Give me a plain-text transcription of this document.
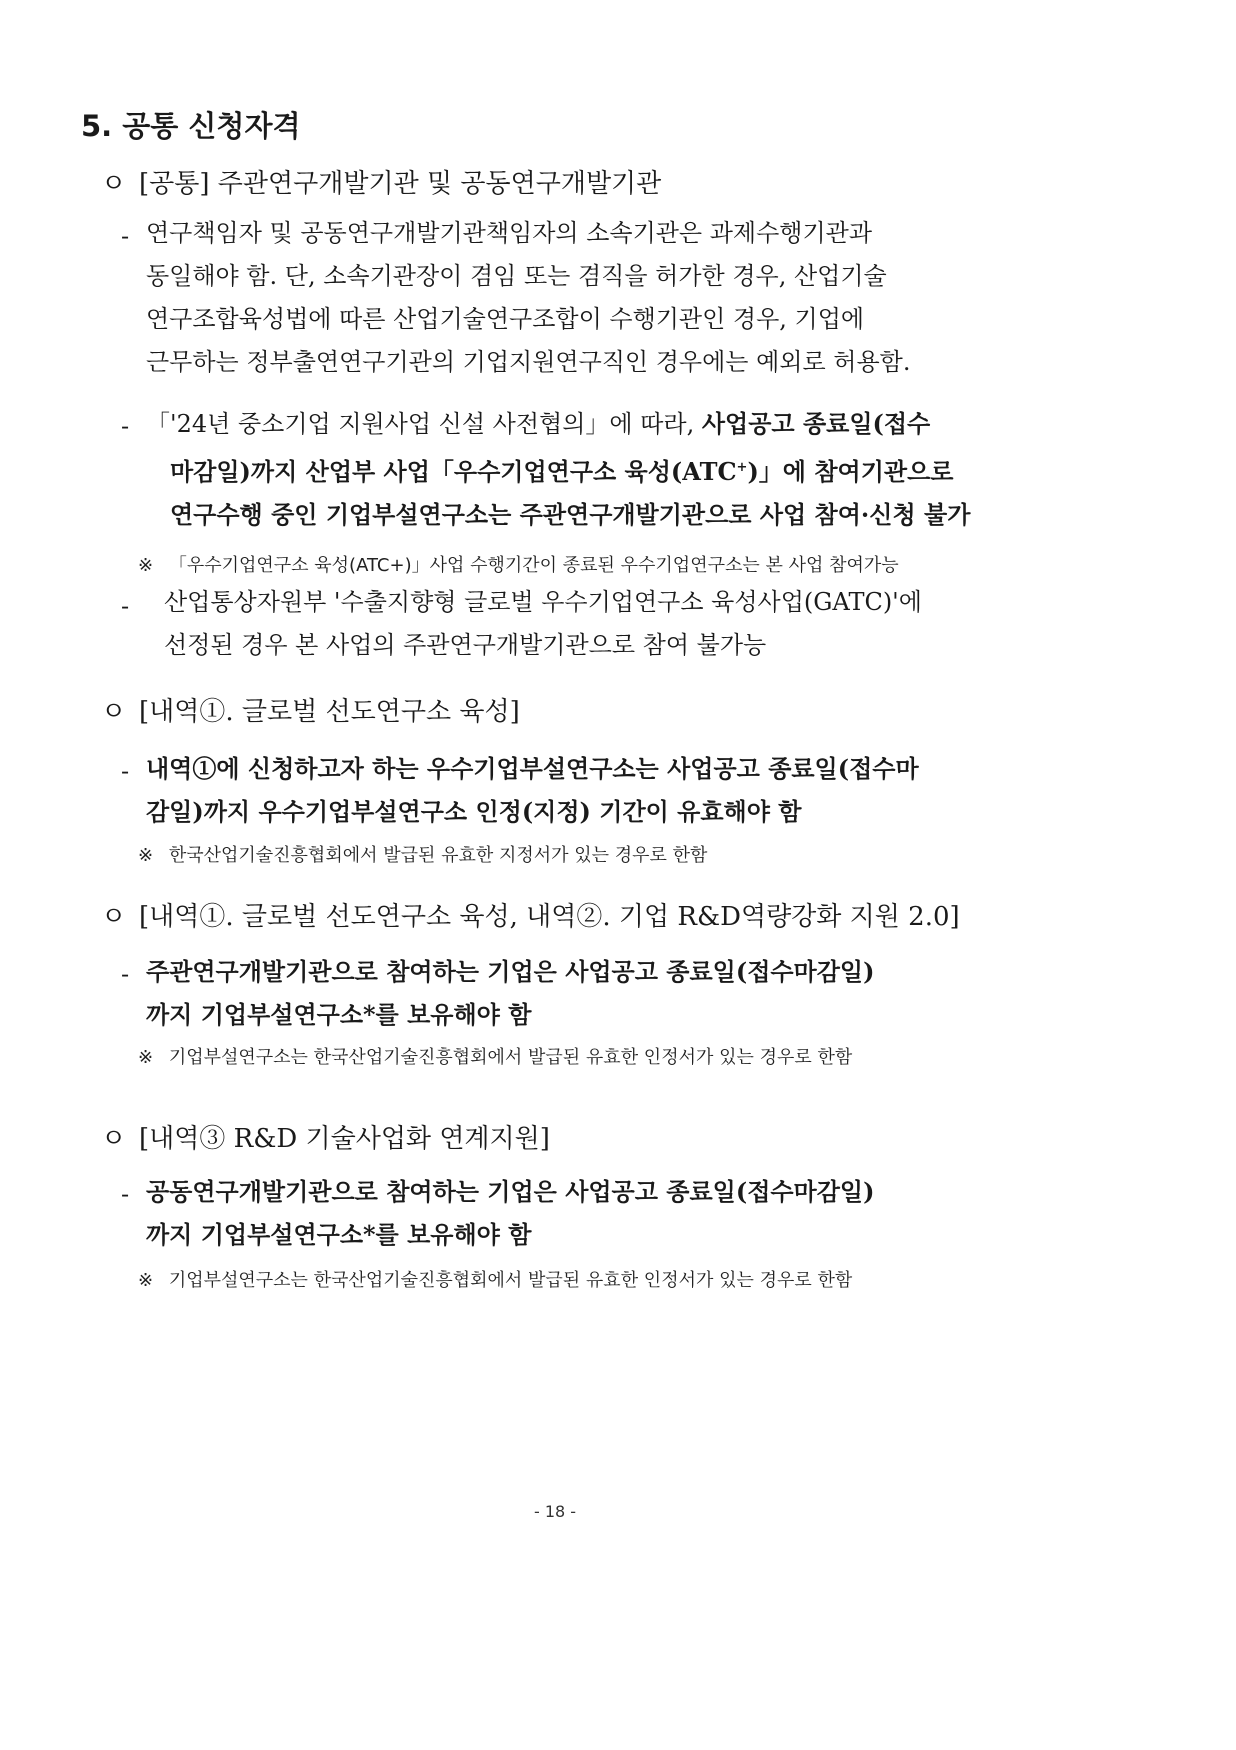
5. 공통 신청자격
ㅇ [공통] 주관연구개발기관 및 공동연구개발기관
- 연구책임자 및 공동연구개발기관책임자의 소속기관은 과제수행기관과
동일해야 함. 단, 소속기관장이 겸임 또는 겸직을 허가한 경우, 산업기술
연구조합육성법에 따른 산업기술연구조합이 수행기관인 경우, 기업에
근무하는 정부출연연구기관의 기업지원연구직인 경우에는 예외로 허용함.
- 「'24년 중소기업 지원사업 신설 사전협의」에 따라, 사업공고 종료일(접수
마감일)까지 산업부 사업「우수기업연구소 육성(ATC+)」에 참여기관으로
연구수행 중인 기업부설연구소는 주관연구개발기관으로 사업 참여·신청 불가
※ 「우수기업연구소 육성(ATC+)」사업 수행기간이 종료된 우수기업연구소는 본 사업 참여가능
- 산업통상자원부 '수출지향형 글로벌 우수기업연구소 육성사업(GATC)'에
선정된 경우 본 사업의 주관연구개발기관으로 참여 불가능
ㅇ [내역①. 글로벌 선도연구소 육성]
- 내역①에 신청하고자 하는 우수기업부설연구소는 사업공고 종료일(접수마
감일)까지 우수기업부설연구소 인정(지정) 기간이 유효해야 함
※ 한국산업기술진흥협회에서 발급된 유효한 지정서가 있는 경우로 한함
ㅇ [내역①. 글로벌 선도연구소 육성, 내역②. 기업 R&D역량강화 지원 2.0]
- 주관연구개발기관으로 참여하는 기업은 사업공고 종료일(접수마감일)
까지 기업부설연구소*를 보유해야 함
※ 기업부설연구소는 한국산업기술진흥협회에서 발급된 유효한 인정서가 있는 경우로 한함
ㅇ [내역③ R&D 기술사업화 연계지원]
- 공동연구개발기관으로 참여하는 기업은 사업공고 종료일(접수마감일)
까지 기업부설연구소*를 보유해야 함
※ 기업부설연구소는 한국산업기술진흥협회에서 발급된 유효한 인정서가 있는 경우로 한함
- 18 -
